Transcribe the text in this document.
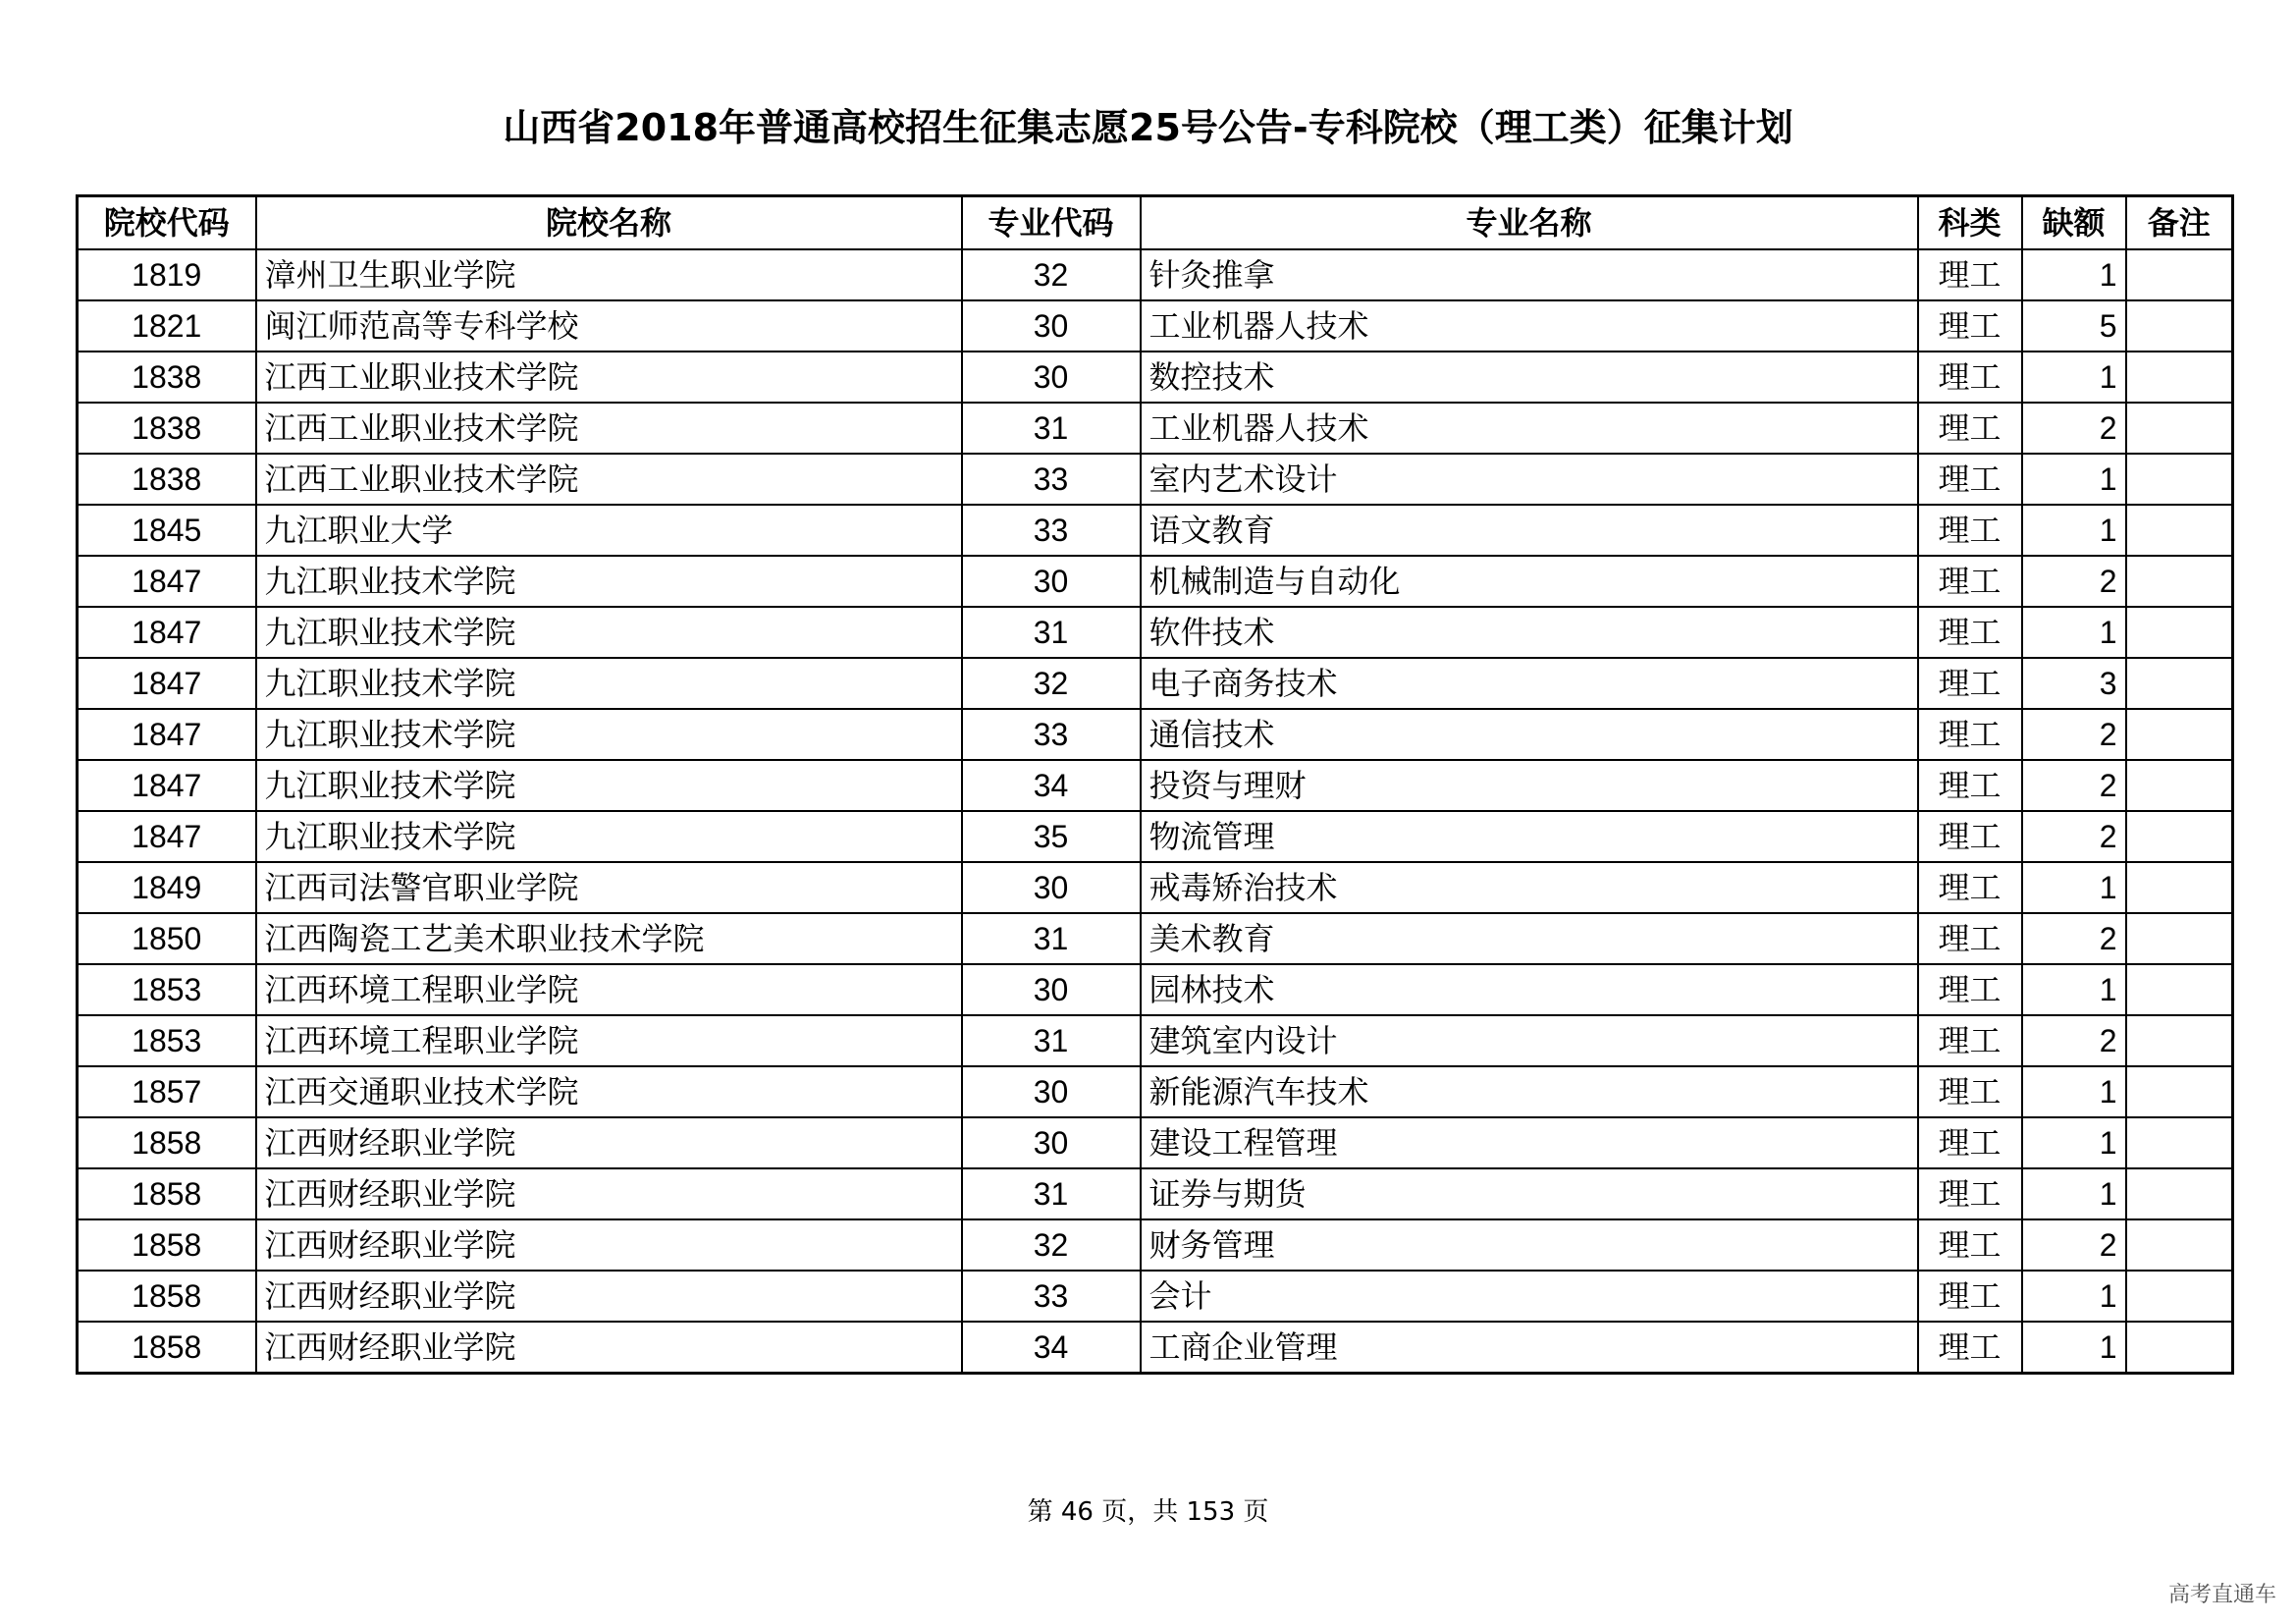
山西省2018年普通高校招生征集志愿25号公告-专科院校（理工类）征集计划
院校代码	院校名称	专业代码	专业名称	科类	缺额	备注
1819	漳州卫生职业学院	32	针灸推拿	理工	1	
1821	闽江师范高等专科学校	30	工业机器人技术	理工	5	
1838	江西工业职业技术学院	30	数控技术	理工	1	
1838	江西工业职业技术学院	31	工业机器人技术	理工	2	
1838	江西工业职业技术学院	33	室内艺术设计	理工	1	
1845	九江职业大学	33	语文教育	理工	1	
1847	九江职业技术学院	30	机械制造与自动化	理工	2	
1847	九江职业技术学院	31	软件技术	理工	1	
1847	九江职业技术学院	32	电子商务技术	理工	3	
1847	九江职业技术学院	33	通信技术	理工	2	
1847	九江职业技术学院	34	投资与理财	理工	2	
1847	九江职业技术学院	35	物流管理	理工	2	
1849	江西司法警官职业学院	30	戒毒矫治技术	理工	1	
1850	江西陶瓷工艺美术职业技术学院	31	美术教育	理工	2	
1853	江西环境工程职业学院	30	园林技术	理工	1	
1853	江西环境工程职业学院	31	建筑室内设计	理工	2	
1857	江西交通职业技术学院	30	新能源汽车技术	理工	1	
1858	江西财经职业学院	30	建设工程管理	理工	1	
1858	江西财经职业学院	31	证券与期货	理工	1	
1858	江西财经职业学院	32	财务管理	理工	2	
1858	江西财经职业学院	33	会计	理工	1	
1858	江西财经职业学院	34	工商企业管理	理工	1	
第 46 页，共 153 页
高考直通车
